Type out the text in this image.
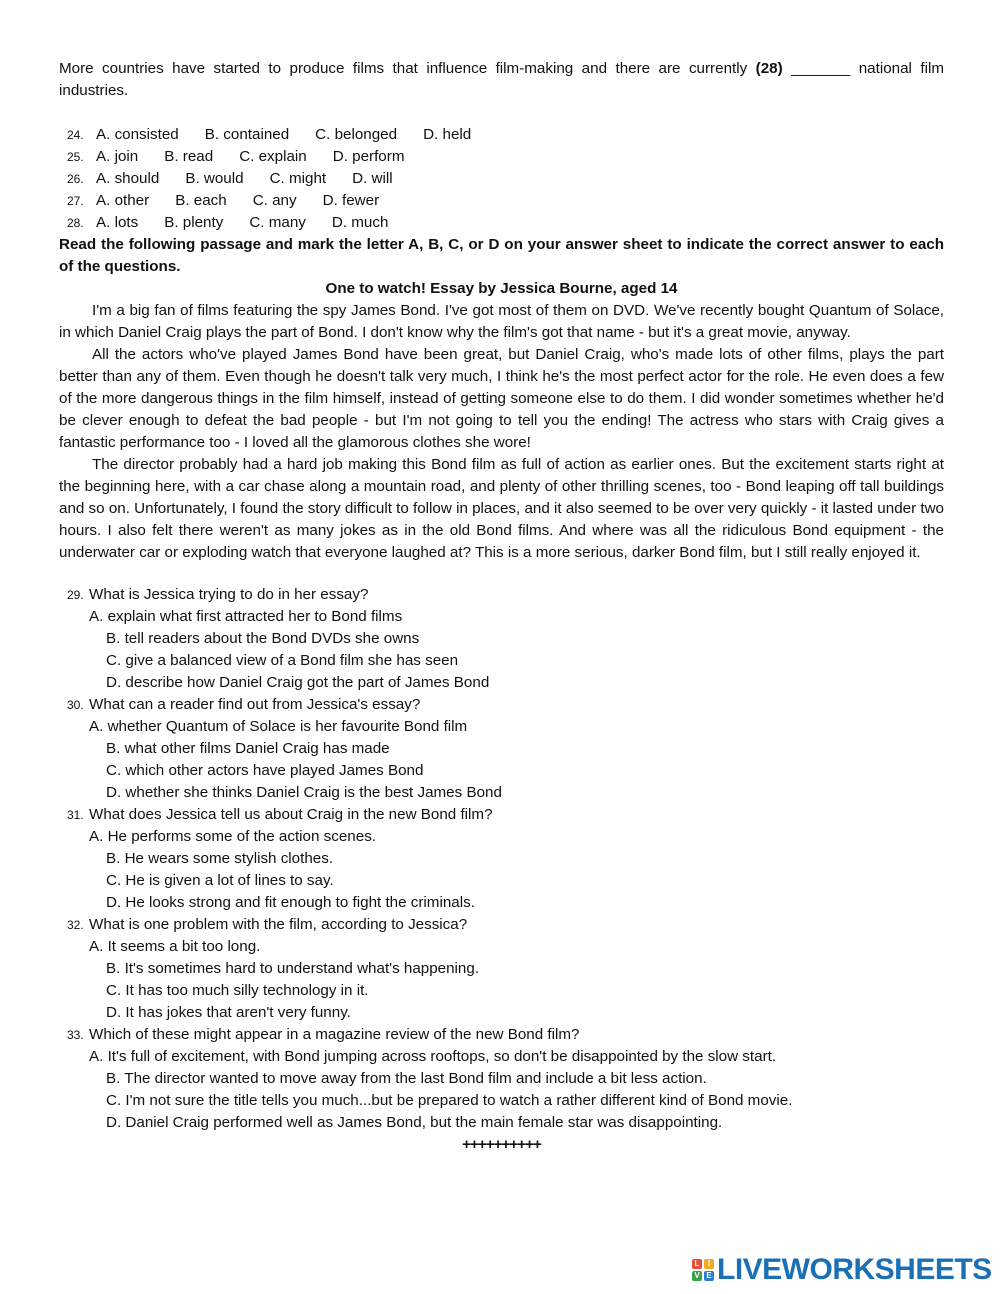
More countries have started to produce films that influence film-making and there are currently (28) _______ national film industries.

24. A. consisted B. contained C. belonged D. held
25. A. join B. read C. explain D. perform
26. A. should B. would C. might D. will
27. A. other B. each C. any D. fewer
28. A. lots B. plenty C. many D. much

Read the following passage and mark the letter A, B, C, or D on your answer sheet to indicate the correct answer to each of the questions.

One to watch! Essay by Jessica Bourne, aged 14

I'm a big fan of films featuring the spy James Bond. I've got most of them on DVD. We've recently bought Quantum of Solace, in which Daniel Craig plays the part of Bond. I don't know why the film's got that name - but it's a great movie, anyway.

All the actors who've played James Bond have been great, but Daniel Craig, who's made lots of other films, plays the part better than any of them. Even though he doesn't talk very much, I think he's the most perfect actor for the role. He even does a few of the more dangerous things in the film himself, instead of getting someone else to do them. I did wonder sometimes whether he'd be clever enough to defeat the bad people - but I'm not going to tell you the ending! The actress who stars with Craig gives a fantastic performance too - I loved all the glamorous clothes she wore!

The director probably had a hard job making this Bond film as full of action as earlier ones. But the excitement starts right at the beginning here, with a car chase along a mountain road, and plenty of other thrilling scenes, too - Bond leaping off tall buildings and so on. Unfortunately, I found the story difficult to follow in places, and it also seemed to be over very quickly - it lasted under two hours. I also felt there weren't as many jokes as in the old Bond films. And where was all the ridiculous Bond equipment - the underwater car or exploding watch that everyone laughed at? This is a more serious, darker Bond film, but I still really enjoyed it.

29. What is Jessica trying to do in her essay?
A. explain what first attracted her to Bond films
B. tell readers about the Bond DVDs she owns
C. give a balanced view of a Bond film she has seen
D. describe how Daniel Craig got the part of James Bond
30. What can a reader find out from Jessica's essay?
A. whether Quantum of Solace is her favourite Bond film
B. what other films Daniel Craig has made
C. which other actors have played James Bond
D. whether she thinks Daniel Craig is the best James Bond
31. What does Jessica tell us about Craig in the new Bond film?
A. He performs some of the action scenes.
B. He wears some stylish clothes.
C. He is given a lot of lines to say.
D. He looks strong and fit enough to fight the criminals.
32. What is one problem with the film, according to Jessica?
A. It seems a bit too long.
B. It's sometimes hard to understand what's happening.
C. It has too much silly technology in it.
D. It has jokes that aren't very funny.
33. Which of these might appear in a magazine review of the new Bond film?
A. It's full of excitement, with Bond jumping across rooftops, so don't be disappointed by the slow start.
B. The director wanted to move away from the last Bond film and include a bit less action.
C. I'm not sure the title tells you much...but be prepared to watch a rather different kind of Bond movie.
D. Daniel Craig performed well as James Bond, but the main female star was disappointing.

++++++++++

L	I
V E LIVEWORKSHEETS
